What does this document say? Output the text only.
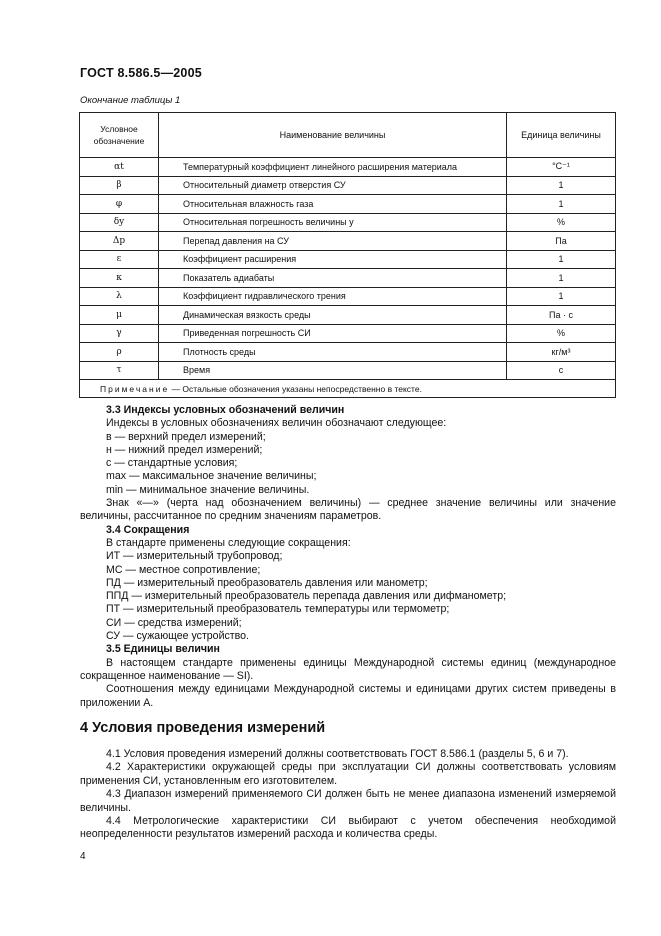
ГОСТ 8.586.5—2005
Окончание таблицы 1
Условное обозначение	Наименование величины	Единица величины
αt	Температурный коэффициент линейного расширения материала	°С⁻¹
β	Относительный диаметр отверстия СУ	1
φ	Относительная влажность газа	1
δy	Относительная погрешность величины y	%
Δp	Перепад давления на СУ	Па
ε	Коэффициент расширения	1
κ	Показатель адиабаты	1
λ	Коэффициент гидравлического трения	1
μ	Динамическая вязкость среды	Па · с
γ	Приведенная погрешность СИ	%
ρ	Плотность среды	кг/м³
τ	Время	с
Примечание — Остальные обозначения указаны непосредственно в тексте.		

3.3 Индексы условных обозначений величин

Индексы в условных обозначениях величин обозначают следующее:

в — верхний предел измерений;

н — нижний предел измерений;

с — стандартные условия;

max — максимальное значение величины;

min — минимальное значение величины.

Знак «—» (черта над обозначением величины) — среднее значение величины или значение величины, рассчитанное по средним значениям параметров.

3.4 Сокращения

В стандарте применены следующие сокращения:

ИТ — измерительный трубопровод;

МС — местное сопротивление;

ПД — измерительный преобразователь давления или манометр;

ППД — измерительный преобразователь перепада давления или дифманометр;

ПТ — измерительный преобразователь температуры или термометр;

СИ — средства измерений;

СУ — сужающее устройство.

3.5 Единицы величин

В настоящем стандарте применены единицы Международной системы единиц (международное сокращенное наименование — SI).

Соотношения между единицами Международной системы и единицами других систем приведены в приложении А.

4 Условия проведения измерений

4.1 Условия проведения измерений должны соответствовать ГОСТ 8.586.1 (разделы 5, 6 и 7).

4.2 Характеристики окружающей среды при эксплуатации СИ должны соответствовать условиям применения СИ, установленным его изготовителем.

4.3 Диапазон измерений применяемого СИ должен быть не менее диапазона изменений измеряемой величины.

4.4 Метрологические характеристики СИ выбирают с учетом обеспечения необходимой неопределенности результатов измерений расхода и количества среды.

4
